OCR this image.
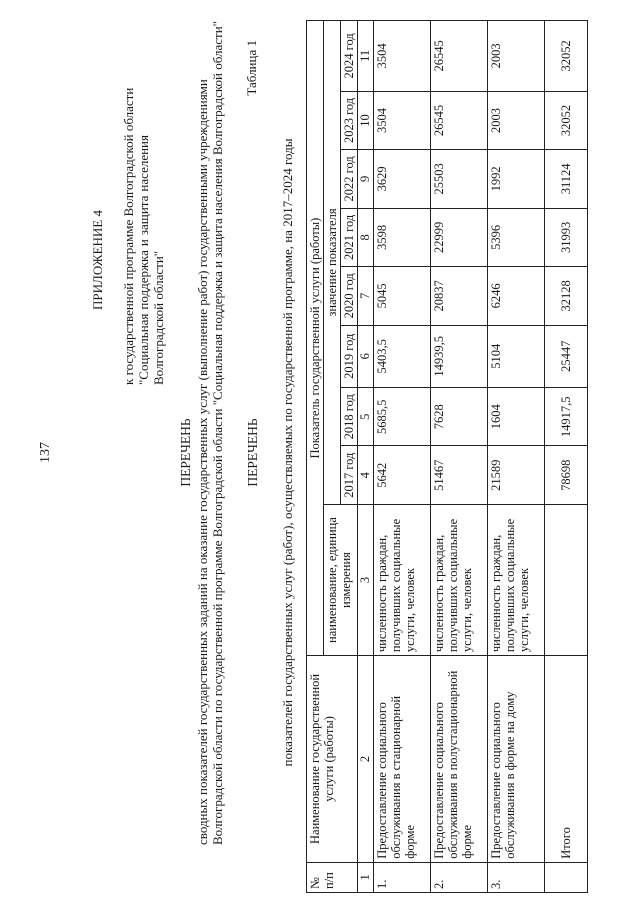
137
ПРИЛОЖЕНИЕ 4 к государственной программе Волгоградской области "Социальная поддержка и защита населения Волгоградской области"
ПЕРЕЧЕНЬ сводных показателей государственных заданий на оказание государственных услуг (выполнение работ) государственными учреждениями Волгоградской области по государственной программе Волгоградской области "Социальная поддержка и защита населения Волгоградской области" Таблица 1
ПЕРЕЧЕНЬ показателей государственных услуг (работ), осуществляемых по государственной программе, на 2017–2024 годы
№ п/п	Наименование государственной услуги (работы)	Показатель государственной услуги (работы)								
		наименование, единица измерения	значение показателя							
			2017 год	2018 год	2019 год	2020 год	2021 год	2022 год	2023 год	2024 год
1	2	3	4	5	6	7	8	9	10	11
1.	Предоставление социального обслуживания в стационарной форме	численность граждан, получивших социальные услуги, человек	5642	5685,5	5403,5	5045	3598	3629	3504	3504
2.	Предоставление социального обслуживания в полустационарной форме	численность граждан, получивших социальные услуги, человек	51467	7628	14939,5	20837	22999	25503	26545	26545
3.	Предоставление социального обслуживания в форме на дому	численность граждан, получивших социальные услуги, человек	21589	1604	5104	6246	5396	1992	2003	2003
	Итого		78698	14917,5	25447	32128	31993	31124	32052	32052
